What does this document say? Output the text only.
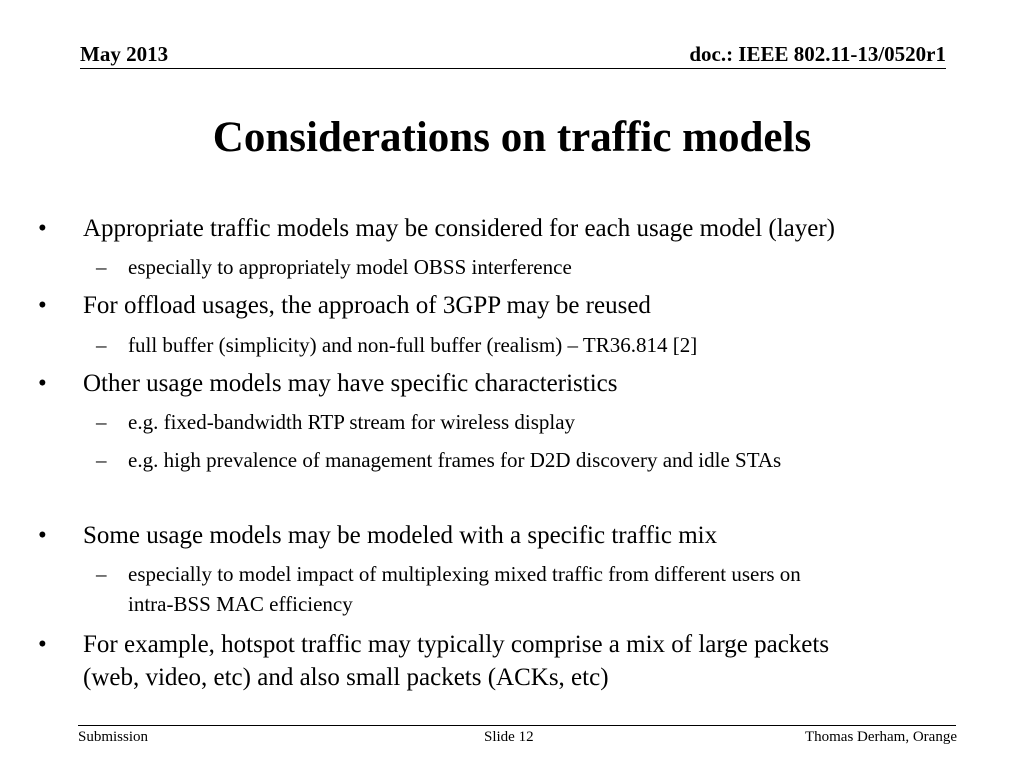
May 2013	doc.: IEEE 802.11-13/0520r1
Considerations on traffic models
• Appropriate traffic models may be considered for each usage model (layer)
– especially to appropriately model OBSS interference
• For offload usages, the approach of 3GPP may be reused
– full buffer (simplicity) and non-full buffer (realism) – TR36.814 [2]
• Other usage models may have specific characteristics
– e.g. fixed-bandwidth RTP stream for wireless display
– e.g. high prevalence of management frames for D2D discovery and idle STAs
• Some usage models may be modeled with a specific traffic mix
– especially to model impact of multiplexing mixed traffic from different users on
intra-BSS MAC efficiency
• For example, hotspot traffic may typically comprise a mix of large packets
(web, video, etc) and also small packets (ACKs, etc)
Submission	Slide 12	Thomas Derham, Orange
